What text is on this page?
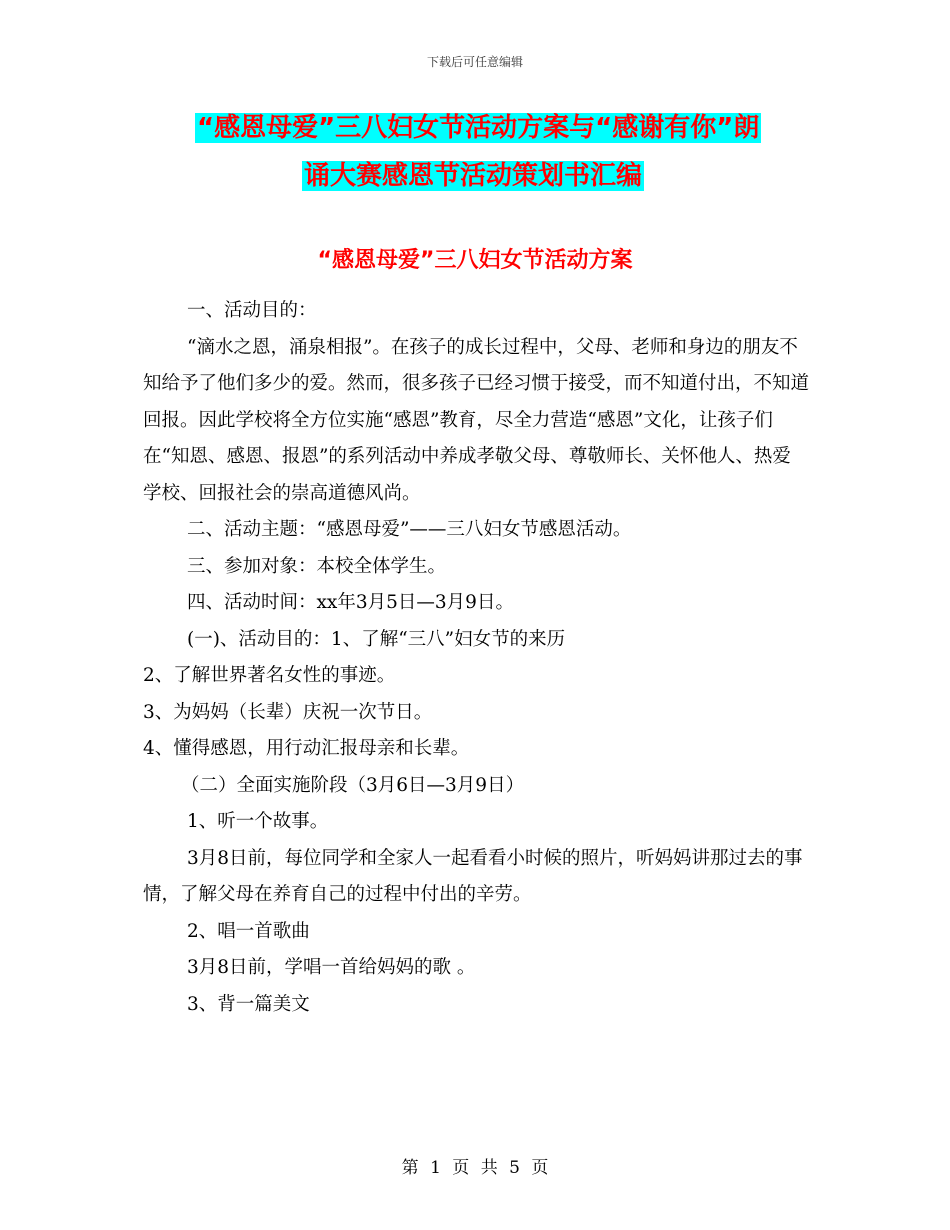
下载后可任意编辑
“感恩母爱”三八妇女节活动方案与“感谢有你”朗
诵大赛感恩节活动策划书汇编
“感恩母爱”三八妇女节活动方案

一、活动目的：

“滴水之恩，涌泉相报”。在孩子的成长过程中，父母、老师和身边的朋友不知给予了他们多少的爱。然而，很多孩子已经习惯于接受，而不知道付出，不知道回报。因此学校将全方位实施“感恩”教育，尽全力营造“感恩”文化，让孩子们在“知恩、感恩、报恩”的系列活动中养成孝敬父母、尊敬师长、关怀他人、热爱学校、回报社会的崇高道德风尚。

二、活动主题：“感恩母爱”——三八妇女节感恩活动。

三、参加对象：本校全体学生。

四、活动时间：xx年3月5日—3月9日。

(一)、活动目的：1、了解“三八”妇女节的来历

2、了解世界著名女性的事迹。

3、为妈妈（长辈）庆祝一次节日。

4、懂得感恩，用行动汇报母亲和长辈。

（二）全面实施阶段（3月6日—3月9日）

1、听一个故事。

3月8日前，每位同学和全家人一起看看小时候的照片，听妈妈讲那过去的事情，了解父母在养育自己的过程中付出的辛劳。

2、唱一首歌曲

3月8日前，学唱一首给妈妈的歌 。

3、背一篇美文

第 1 页 共 5 页
